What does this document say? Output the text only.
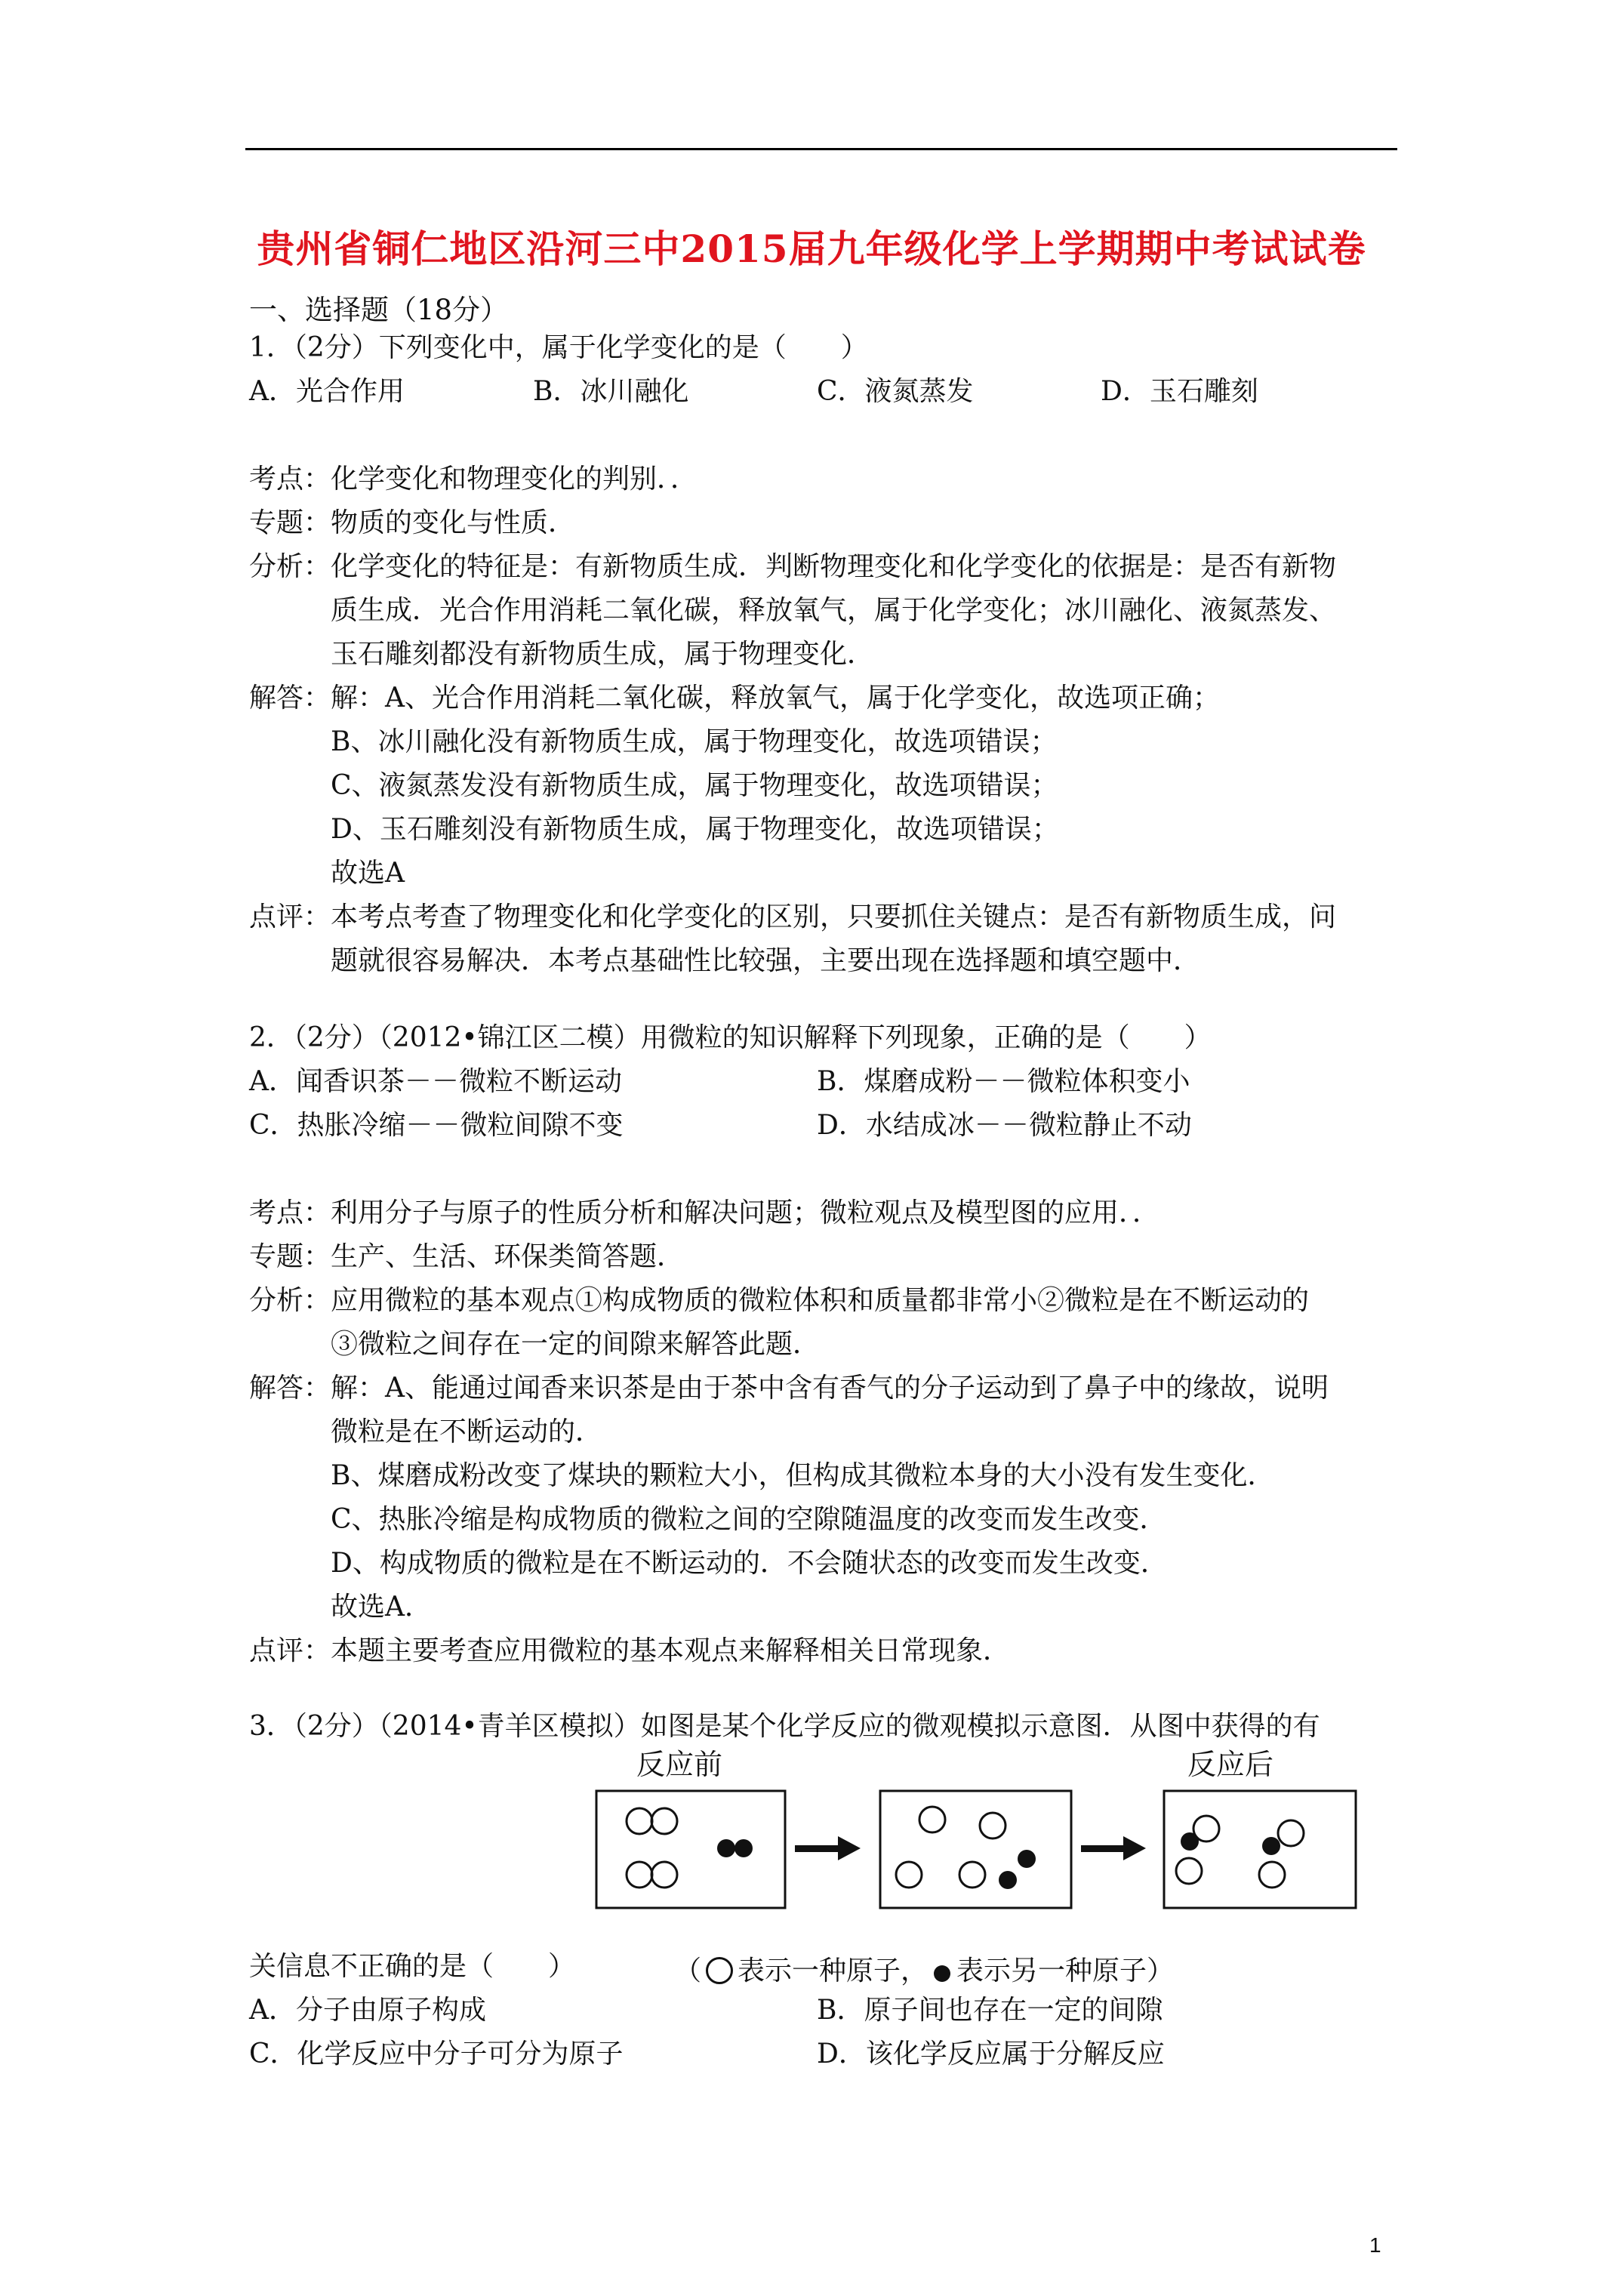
贵州省铜仁地区沿河三中2015届九年级化学上学期期中考试试卷
一、选择题（18分）
1．（2分）下列变化中，属于化学变化的是（　　）
A．光合作用	B．冰川融化	C．液氮蒸发	D．玉石雕刻
考点：化学变化和物理变化的判别．．
专题：物质的变化与性质．
分析：化学变化的特征是：有新物质生成．判断物理变化和化学变化的依据是：是否有新物
质生成．光合作用消耗二氧化碳，释放氧气，属于化学变化；冰川融化、液氮蒸发、
玉石雕刻都没有新物质生成，属于物理变化．
解答：解：A、光合作用消耗二氧化碳，释放氧气，属于化学变化，故选项正确；
B、冰川融化没有新物质生成，属于物理变化，故选项错误；
C、液氮蒸发没有新物质生成，属于物理变化，故选项错误；
D、玉石雕刻没有新物质生成，属于物理变化，故选项错误；
故选A
点评：本考点考查了物理变化和化学变化的区别，只要抓住关键点：是否有新物质生成，问
题就很容易解决．本考点基础性比较强，主要出现在选择题和填空题中．
2．（2分）（2012•锦江区二模）用微粒的知识解释下列现象，正确的是（　　）
A．闻香识茶－－微粒不断运动	B．煤磨成粉－－微粒体积变小
C．热胀冷缩－－微粒间隙不变	D．水结成冰－－微粒静止不动
考点：利用分子与原子的性质分析和解决问题；微粒观点及模型图的应用．．
专题：生产、生活、环保类简答题．
分析：应用微粒的基本观点①构成物质的微粒体积和质量都非常小②微粒是在不断运动的
③微粒之间存在一定的间隙来解答此题．
解答：解：A、能通过闻香来识茶是由于茶中含有香气的分子运动到了鼻子中的缘故，说明
微粒是在不断运动的．
B、煤磨成粉改变了煤块的颗粒大小，但构成其微粒本身的大小没有发生变化．
C、热胀冷缩是构成物质的微粒之间的空隙随温度的改变而发生改变．
D、构成物质的微粒是在不断运动的．不会随状态的改变而发生改变．
故选A．
点评：本题主要考查应用微粒的基本观点来解释相关日常现象．
3．（2分）（2014•青羊区模拟）如图是某个化学反应的微观模拟示意图．从图中获得的有
反应前	反应后
关信息不正确的是（　　）	（ 表示一种原子， 表示另一种原子）
A．分子由原子构成	B．原子间也存在一定的间隙
C．化学反应中分子可分为原子	D．该化学反应属于分解反应
1
